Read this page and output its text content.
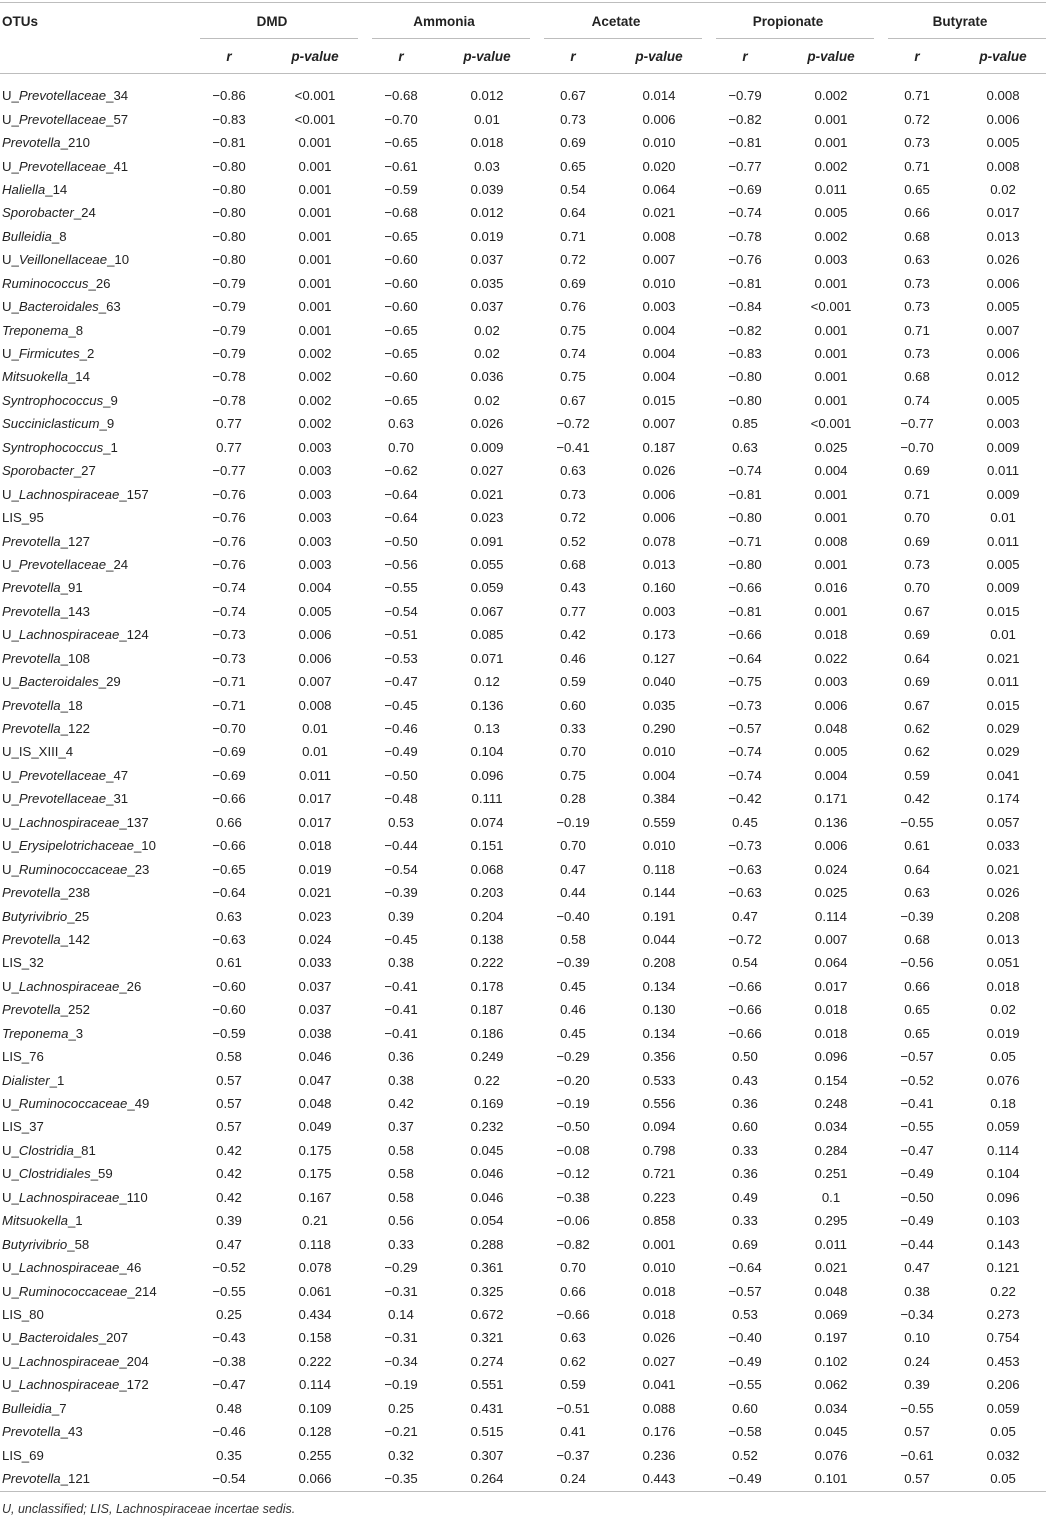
OTUs	DMD		Ammonia		Acetate		Propionate		Butyrate	
	r	p-value	r	p-value	r	p-value	r	p-value	r	p-value

U_Prevotellaceae_34	−0.86	<0.001	−0.68	0.012	0.67	0.014	−0.79	0.002	0.71	0.008
U_Prevotellaceae_57	−0.83	<0.001	−0.70	0.01	0.73	0.006	−0.82	0.001	0.72	0.006
Prevotella_210	−0.81	0.001	−0.65	0.018	0.69	0.010	−0.81	0.001	0.73	0.005
U_Prevotellaceae_41	−0.80	0.001	−0.61	0.03	0.65	0.020	−0.77	0.002	0.71	0.008
Haliella_14	−0.80	0.001	−0.59	0.039	0.54	0.064	−0.69	0.011	0.65	0.02
Sporobacter_24	−0.80	0.001	−0.68	0.012	0.64	0.021	−0.74	0.005	0.66	0.017
Bulleidia_8	−0.80	0.001	−0.65	0.019	0.71	0.008	−0.78	0.002	0.68	0.013
U_Veillonellaceae_10	−0.80	0.001	−0.60	0.037	0.72	0.007	−0.76	0.003	0.63	0.026
Ruminococcus_26	−0.79	0.001	−0.60	0.035	0.69	0.010	−0.81	0.001	0.73	0.006
U_Bacteroidales_63	−0.79	0.001	−0.60	0.037	0.76	0.003	−0.84	<0.001	0.73	0.005
Treponema_8	−0.79	0.001	−0.65	0.02	0.75	0.004	−0.82	0.001	0.71	0.007
U_Firmicutes_2	−0.79	0.002	−0.65	0.02	0.74	0.004	−0.83	0.001	0.73	0.006
Mitsuokella_14	−0.78	0.002	−0.60	0.036	0.75	0.004	−0.80	0.001	0.68	0.012
Syntrophococcus_9	−0.78	0.002	−0.65	0.02	0.67	0.015	−0.80	0.001	0.74	0.005
Succiniclasticum_9	0.77	0.002	0.63	0.026	−0.72	0.007	0.85	<0.001	−0.77	0.003
Syntrophococcus_1	0.77	0.003	0.70	0.009	−0.41	0.187	0.63	0.025	−0.70	0.009
Sporobacter_27	−0.77	0.003	−0.62	0.027	0.63	0.026	−0.74	0.004	0.69	0.011
U_Lachnospiraceae_157	−0.76	0.003	−0.64	0.021	0.73	0.006	−0.81	0.001	0.71	0.009
LIS_95	−0.76	0.003	−0.64	0.023	0.72	0.006	−0.80	0.001	0.70	0.01
Prevotella_127	−0.76	0.003	−0.50	0.091	0.52	0.078	−0.71	0.008	0.69	0.011
U_Prevotellaceae_24	−0.76	0.003	−0.56	0.055	0.68	0.013	−0.80	0.001	0.73	0.005
Prevotella_91	−0.74	0.004	−0.55	0.059	0.43	0.160	−0.66	0.016	0.70	0.009
Prevotella_143	−0.74	0.005	−0.54	0.067	0.77	0.003	−0.81	0.001	0.67	0.015
U_Lachnospiraceae_124	−0.73	0.006	−0.51	0.085	0.42	0.173	−0.66	0.018	0.69	0.01
Prevotella_108	−0.73	0.006	−0.53	0.071	0.46	0.127	−0.64	0.022	0.64	0.021
U_Bacteroidales_29	−0.71	0.007	−0.47	0.12	0.59	0.040	−0.75	0.003	0.69	0.011
Prevotella_18	−0.71	0.008	−0.45	0.136	0.60	0.035	−0.73	0.006	0.67	0.015
Prevotella_122	−0.70	0.01	−0.46	0.13	0.33	0.290	−0.57	0.048	0.62	0.029
U_IS_XIII_4	−0.69	0.01	−0.49	0.104	0.70	0.010	−0.74	0.005	0.62	0.029
U_Prevotellaceae_47	−0.69	0.011	−0.50	0.096	0.75	0.004	−0.74	0.004	0.59	0.041
U_Prevotellaceae_31	−0.66	0.017	−0.48	0.111	0.28	0.384	−0.42	0.171	0.42	0.174
U_Lachnospiraceae_137	0.66	0.017	0.53	0.074	−0.19	0.559	0.45	0.136	−0.55	0.057
U_Erysipelotrichaceae_10	−0.66	0.018	−0.44	0.151	0.70	0.010	−0.73	0.006	0.61	0.033
U_Ruminococcaceae_23	−0.65	0.019	−0.54	0.068	0.47	0.118	−0.63	0.024	0.64	0.021
Prevotella_238	−0.64	0.021	−0.39	0.203	0.44	0.144	−0.63	0.025	0.63	0.026
Butyrivibrio_25	0.63	0.023	0.39	0.204	−0.40	0.191	0.47	0.114	−0.39	0.208
Prevotella_142	−0.63	0.024	−0.45	0.138	0.58	0.044	−0.72	0.007	0.68	0.013
LIS_32	0.61	0.033	0.38	0.222	−0.39	0.208	0.54	0.064	−0.56	0.051
U_Lachnospiraceae_26	−0.60	0.037	−0.41	0.178	0.45	0.134	−0.66	0.017	0.66	0.018
Prevotella_252	−0.60	0.037	−0.41	0.187	0.46	0.130	−0.66	0.018	0.65	0.02
Treponema_3	−0.59	0.038	−0.41	0.186	0.45	0.134	−0.66	0.018	0.65	0.019
LIS_76	0.58	0.046	0.36	0.249	−0.29	0.356	0.50	0.096	−0.57	0.05
Dialister_1	0.57	0.047	0.38	0.22	−0.20	0.533	0.43	0.154	−0.52	0.076
U_Ruminococcaceae_49	0.57	0.048	0.42	0.169	−0.19	0.556	0.36	0.248	−0.41	0.18
LIS_37	0.57	0.049	0.37	0.232	−0.50	0.094	0.60	0.034	−0.55	0.059
U_Clostridia_81	0.42	0.175	0.58	0.045	−0.08	0.798	0.33	0.284	−0.47	0.114
U_Clostridiales_59	0.42	0.175	0.58	0.046	−0.12	0.721	0.36	0.251	−0.49	0.104
U_Lachnospiraceae_110	0.42	0.167	0.58	0.046	−0.38	0.223	0.49	0.1	−0.50	0.096
Mitsuokella_1	0.39	0.21	0.56	0.054	−0.06	0.858	0.33	0.295	−0.49	0.103
Butyrivibrio_58	0.47	0.118	0.33	0.288	−0.82	0.001	0.69	0.011	−0.44	0.143
U_Lachnospiraceae_46	−0.52	0.078	−0.29	0.361	0.70	0.010	−0.64	0.021	0.47	0.121
U_Ruminococcaceae_214	−0.55	0.061	−0.31	0.325	0.66	0.018	−0.57	0.048	0.38	0.22
LIS_80	0.25	0.434	0.14	0.672	−0.66	0.018	0.53	0.069	−0.34	0.273
U_Bacteroidales_207	−0.43	0.158	−0.31	0.321	0.63	0.026	−0.40	0.197	0.10	0.754
U_Lachnospiraceae_204	−0.38	0.222	−0.34	0.274	0.62	0.027	−0.49	0.102	0.24	0.453
U_Lachnospiraceae_172	−0.47	0.114	−0.19	0.551	0.59	0.041	−0.55	0.062	0.39	0.206
Bulleidia_7	0.48	0.109	0.25	0.431	−0.51	0.088	0.60	0.034	−0.55	0.059
Prevotella_43	−0.46	0.128	−0.21	0.515	0.41	0.176	−0.58	0.045	0.57	0.05
LIS_69	0.35	0.255	0.32	0.307	−0.37	0.236	0.52	0.076	−0.61	0.032
Prevotella_121	−0.54	0.066	−0.35	0.264	0.24	0.443	−0.49	0.101	0.57	0.05
U, unclassified; LIS, Lachnospiraceae incertae sedis.
